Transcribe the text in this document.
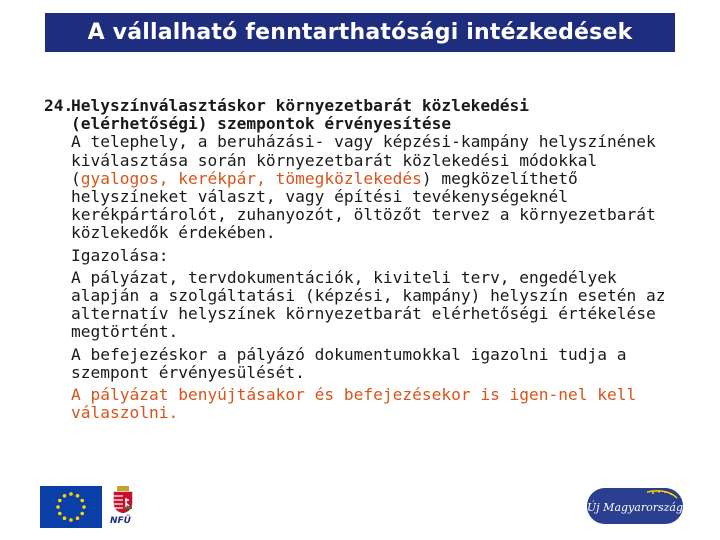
A vállalható fenntarthatósági intézkedések
24.Helyszínválasztáskor környezetbarát közlekedési
(elérhetőségi) szempontok érvényesítése
A telephely, a beruházási- vagy képzési-kampány helyszínének kiválasztása során környezetbarát közlekedési módokkal (gyalogos, kerékpár, tömegközlekedés) megközelíthető helyszíneket választ, vagy építési tevékenységeknél kerékpártárolót, zuhanyozót, öltözőt tervez a környezetbarát közlekedők érdekében.
Igazolása:
A pályázat, tervdokumentációk, kiviteli terv, engedélyek alapján a szolgáltatási (képzési, kampány) helyszín esetén az alternatív helyszínek környezetbarát elérhetőségi értékelése megtörtént.
A befejezéskor a pályázó dokumentumokkal igazolni tudja a szempont érvényesülését.
A pályázat benyújtásakor és befejezésekor is igen-nel kell válaszolni.
NFÜ
Új Magyarország
